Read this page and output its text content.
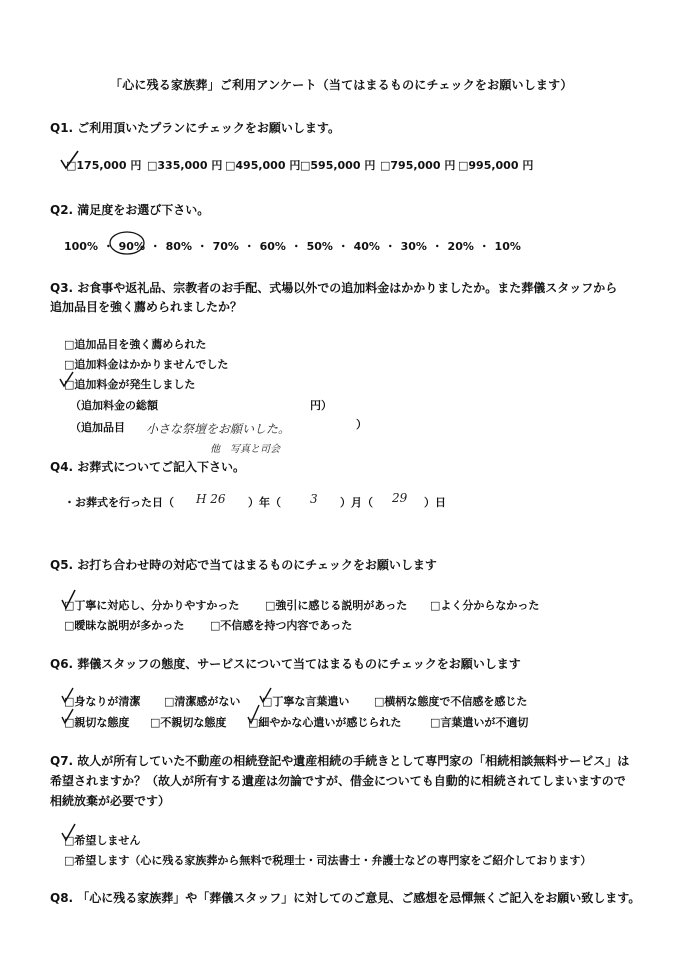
「心に残る家族葬」ご利用アンケート（当てはまるものにチェックをお願いします）
Q1. ご利用頂いたプランにチェックをお願いします。
□175,000 円 □335,000 円 □495,000 円 □595,000 円 □795,000 円 □995,000 円
Q2. 満足度をお選び下さい。
100% ・ 90% ・ 80% ・ 70% ・ 60% ・ 50% ・ 40% ・ 30% ・ 20% ・ 10%
Q3. お食事や返礼品、宗教者のお手配、式場以外での追加料金はかかりましたか。また葬儀スタッフから
追加品目を強く薦められましたか？
□追加品目を強く薦められた
□追加料金はかかりませんでした
□追加料金が発生しました
（追加料金の総額	円）
（追加品目 小さな祭壇をお願いした。
他　写真と司会
）
Q4. お葬式についてご記入下さい。
・お葬式を行った日（ H 26 ）年（ 3 ）月（ 29 ）日
Q5. お打ち合わせ時の対応で当てはまるものにチェックをお願いします
□丁寧に対応し、分かりやすかった □強引に感じる説明があった □よく分からなかった
□曖昧な説明が多かった □不信感を持つ内容であった
Q6. 葬儀スタッフの態度、サービスについて当てはまるものにチェックをお願いします
□身なりが清潔 □清潔感がない □丁寧な言葉遣い □横柄な態度で不信感を感じた
□親切な態度 □不親切な態度 □細やかな心遣いが感じられた	□言葉遣いが不適切
Q7. 故人が所有していた不動産の相続登記や遺産相続の手続きとして専門家の「相続相談無料サービス」は
希望されますか？（故人が所有する遺産は勿論ですが、借金についても自動的に相続されてしまいますので
相続放棄が必要です）
□希望しません
□希望します（心に残る家族葬から無料で税理士・司法書士・弁護士などの専門家をご紹介しております）
Q8. 「心に残る家族葬」や「葬儀スタッフ」に対してのご意見、ご感想を忌憚無くご記入をお願い致します。
